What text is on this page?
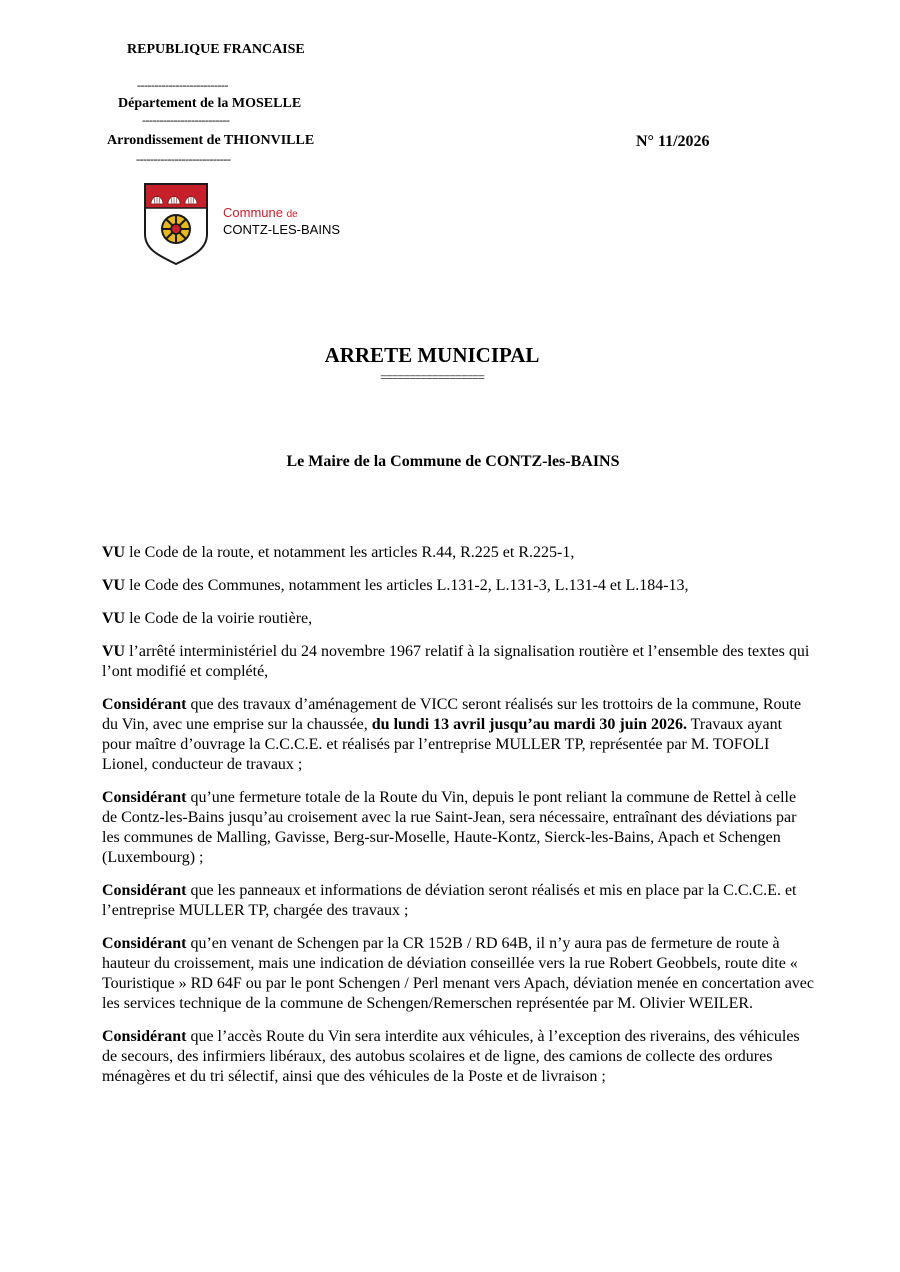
REPUBLIQUE FRANCAISE
--------------------------
Département de la MOSELLE
-------------------------
Arrondissement de THIONVILLE
---------------------------
N° 11/2026
Commune de
CONTZ-LES-BAINS
ARRETE MUNICIPAL
==================
Le Maire de la Commune de CONTZ-les-BAINS

VU le Code de la route, et notamment les articles R.44, R.225 et R.225-1,

VU le Code des Communes, notamment les articles L.131-2, L.131-3, L.131-4 et L.184-13,

VU le Code de la voirie routière,

VU l’arrêté interministériel du 24 novembre 1967 relatif à la signalisation routière et l’ensemble des textes qui l’ont modifié et complété,

Considérant que des travaux d’aménagement de VICC seront réalisés sur les trottoirs de la commune, Route du Vin, avec une emprise sur la chaussée, du lundi 13 avril jusqu’au mardi 30 juin 2026. Travaux ayant pour maître d’ouvrage la C.C.C.E. et réalisés par l’entreprise MULLER TP, représentée par M. TOFOLI Lionel, conducteur de travaux ;

Considérant qu’une fermeture totale de la Route du Vin, depuis le pont reliant la commune de Rettel à celle de Contz-les-Bains jusqu’au croisement avec la rue Saint-Jean, sera nécessaire, entraînant des déviations par les communes de Malling, Gavisse, Berg-sur-Moselle, Haute-Kontz, Sierck-les-Bains, Apach et Schengen (Luxembourg) ;

Considérant que les panneaux et informations de déviation seront réalisés et mis en place par la C.C.C.E. et l’entreprise MULLER TP, chargée des travaux ;

Considérant qu’en venant de Schengen par la CR 152B / RD 64B, il n’y aura pas de fermeture de route à hauteur du croissement, mais une indication de déviation conseillée vers la rue Robert Geobbels, route dite « Touristique » RD 64F ou par le pont Schengen / Perl menant vers Apach, déviation menée en concertation avec les services technique de la commune de Schengen/Remerschen représentée par M. Olivier WEILER.

Considérant que l’accès Route du Vin sera interdite aux véhicules, à l’exception des riverains, des véhicules de secours, des infirmiers libéraux, des autobus scolaires et de ligne, des camions de collecte des ordures ménagères et du tri sélectif, ainsi que des véhicules de la Poste et de livraison ;
